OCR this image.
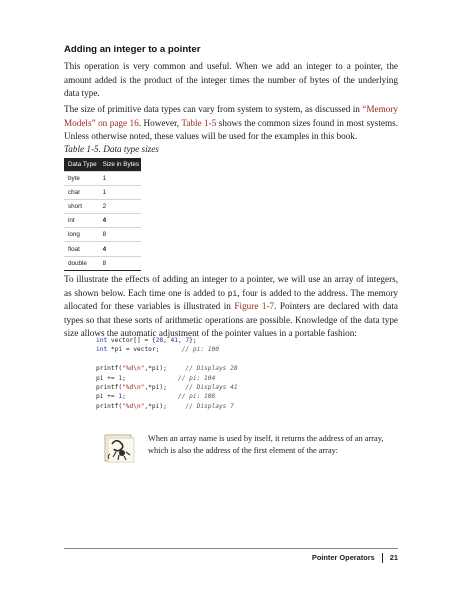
Adding an integer to a pointer

This operation is very common and useful. When we add an integer to a pointer, the amount added is the product of the integer times the number of bytes of the underlying data type.

The size of primitive data types can vary from system to system, as discussed in “Memory Models” on page 16. However, Table 1-5 shows the common sizes found in most systems. Unless otherwise noted, these values will be used for the examples in this book.

Table 1-5. Data type sizes
Data Type	Size in Bytes
byte	1
char	1
short	2
int	4
long	8
float	4
double	8

To illustrate the effects of adding an integer to a pointer, we will use an array of integers, as shown below. Each time one is added to pi, four is added to the address. The memory allocated for these variables is illustrated in Figure 1-7. Pointers are declared with data types so that these sorts of arithmetic operations are possible. Knowledge of the data type size allows the automatic adjustment of the pointer values in a portable fashion:

int vector[] = {28, 41, 7};
int *pi = vector;      // pi: 100

printf("%d\n",*pi);     // Displays 28
pi += 1;              // pi: 104
printf("%d\n",*pi);     // Displays 41
pi += 1;              // pi: 108
printf("%d\n",*pi);     // Displays 7

When an array name is used by itself, it returns the address of an array, which is also the address of the first element of the array:

Pointer Operators 21
